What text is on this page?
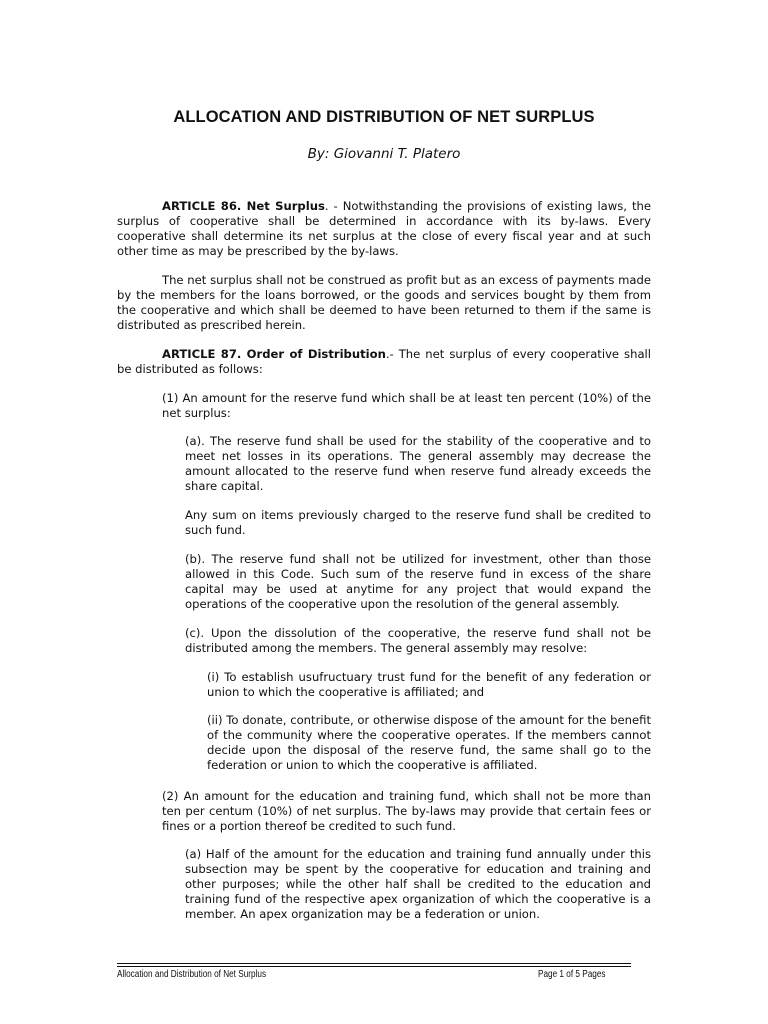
ALLOCATION AND DISTRIBUTION OF NET SURPLUS
By: Giovanni T. Platero

ARTICLE 86. Net Surplus. - Notwithstanding the provisions of existing laws, the surplus of cooperative shall be determined in accordance with its by-laws. Every cooperative shall determine its net surplus at the close of every fiscal year and at such other time as may be prescribed by the by-laws.

The net surplus shall not be construed as profit but as an excess of payments made by the members for the loans borrowed, or the goods and services bought by them from the cooperative and which shall be deemed to have been returned to them if the same is distributed as prescribed herein.

ARTICLE 87. Order of Distribution.- The net surplus of every cooperative shall be distributed as follows:

(1) An amount for the reserve fund which shall be at least ten percent (10%) of the net surplus:

(a). The reserve fund shall be used for the stability of the cooperative and to meet net losses in its operations. The general assembly may decrease the amount allocated to the reserve fund when reserve fund already exceeds the share capital.

Any sum on items previously charged to the reserve fund shall be credited to such fund.

(b). The reserve fund shall not be utilized for investment, other than those allowed in this Code. Such sum of the reserve fund in excess of the share capital may be used at anytime for any project that would expand the operations of the cooperative upon the resolution of the general assembly.

(c). Upon the dissolution of the cooperative, the reserve fund shall not be distributed among the members. The general assembly may resolve:

(i) To establish usufructuary trust fund for the benefit of any federation or union to which the cooperative is affiliated; and

(ii) To donate, contribute, or otherwise dispose of the amount for the benefit of the community where the cooperative operates. If the members cannot decide upon the disposal of the reserve fund, the same shall go to the federation or union to which the cooperative is affiliated.

(2) An amount for the education and training fund, which shall not be more than ten per centum (10%) of net surplus. The by-laws may provide that certain fees or fines or a portion thereof be credited to such fund.

(a) Half of the amount for the education and training fund annually under this subsection may be spent by the cooperative for education and training and other purposes; while the other half shall be credited to the education and training fund of the respective apex organization of which the cooperative is a member. An apex organization may be a federation or union.

Allocation and Distribution of Net Surplus	Page 1 of 5 Pages
